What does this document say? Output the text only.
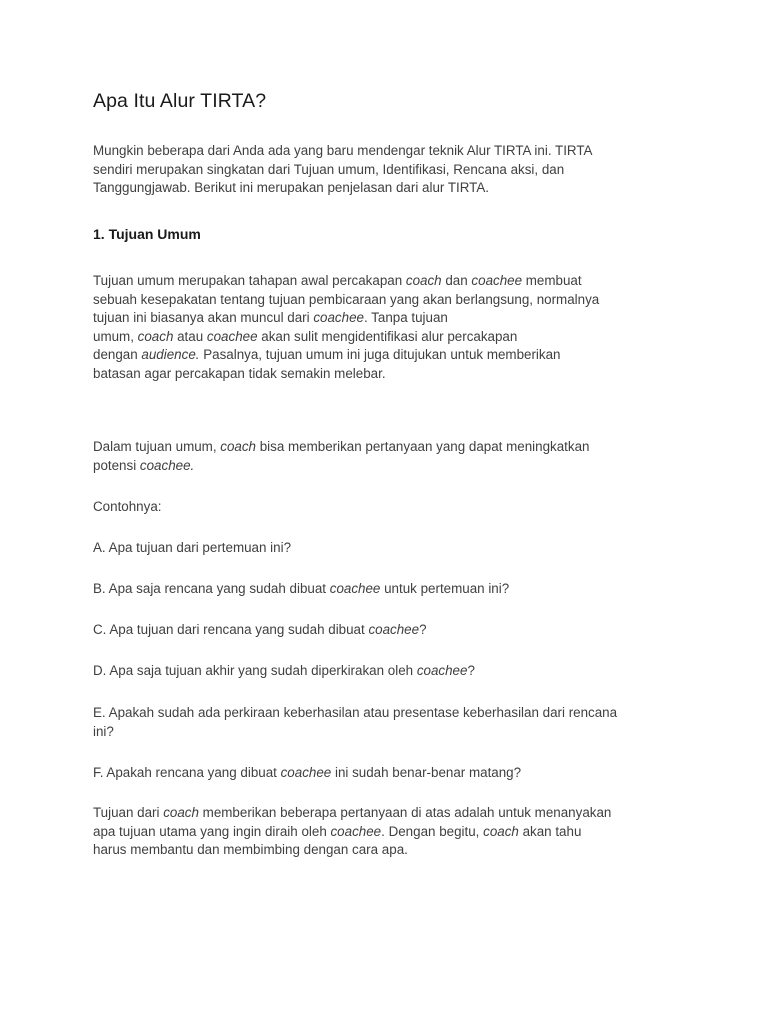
Apa Itu Alur TIRTA?

Mungkin beberapa dari Anda ada yang baru mendengar teknik Alur TIRTA ini. TIRTA
sendiri merupakan singkatan dari Tujuan umum, Identifikasi, Rencana aksi, dan
Tanggungjawab. Berikut ini merupakan penjelasan dari alur TIRTA.

1. Tujuan Umum

Tujuan umum merupakan tahapan awal percakapan coach dan coachee membuat
sebuah kesepakatan tentang tujuan pembicaraan yang akan berlangsung, normalnya
tujuan ini biasanya akan muncul dari coachee. Tanpa tujuan
umum, coach atau coachee akan sulit mengidentifikasi alur percakapan
dengan audience. Pasalnya, tujuan umum ini juga ditujukan untuk memberikan
batasan agar percakapan tidak semakin melebar.

Dalam tujuan umum, coach bisa memberikan pertanyaan yang dapat meningkatkan
potensi coachee.

Contohnya:

A. Apa tujuan dari pertemuan ini?

B. Apa saja rencana yang sudah dibuat coachee untuk pertemuan ini?

C. Apa tujuan dari rencana yang sudah dibuat coachee?

D. Apa saja tujuan akhir yang sudah diperkirakan oleh coachee?

E. Apakah sudah ada perkiraan keberhasilan atau presentase keberhasilan dari rencana
ini?

F. Apakah rencana yang dibuat coachee ini sudah benar-benar matang?

Tujuan dari coach memberikan beberapa pertanyaan di atas adalah untuk menanyakan
apa tujuan utama yang ingin diraih oleh coachee. Dengan begitu, coach akan tahu
harus membantu dan membimbing dengan cara apa.
